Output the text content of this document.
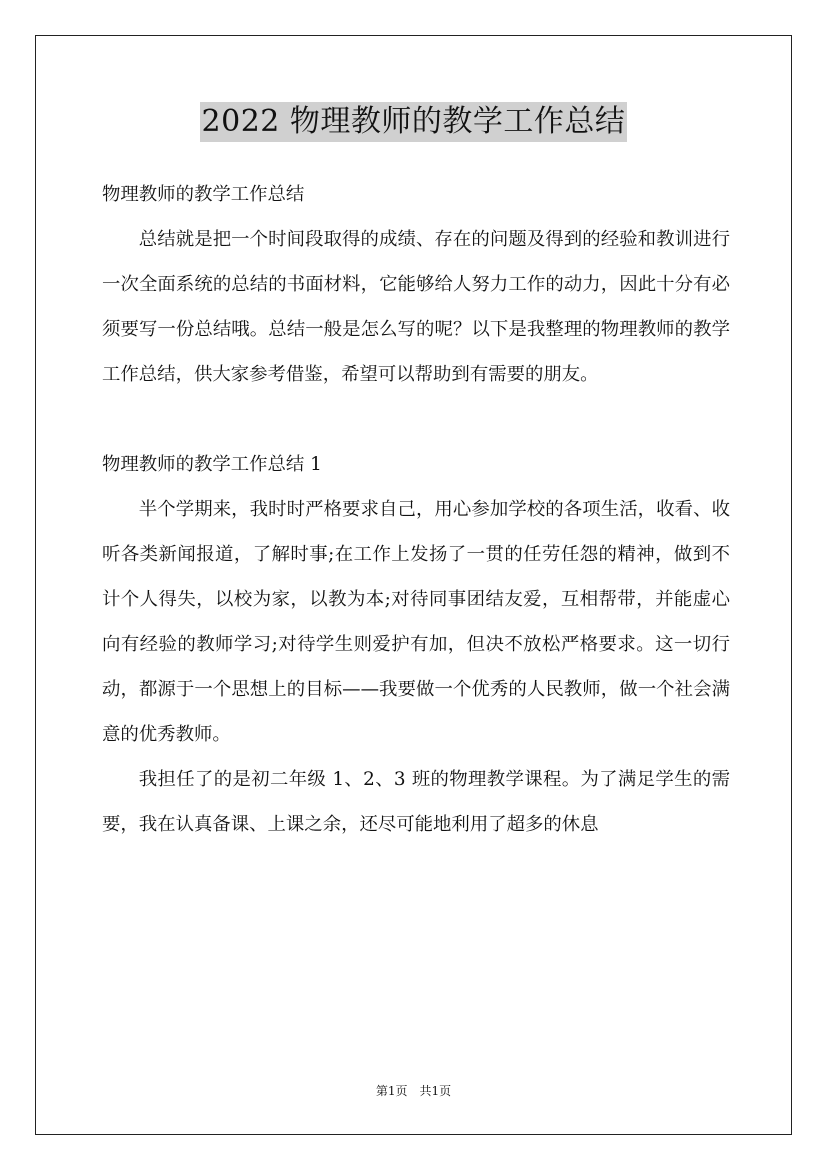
2022 物理教师的教学工作总结

物理教师的教学工作总结

总结就是把一个时间段取得的成绩、存在的问题及得到的经验和教训进行一次全面系统的总结的书面材料，它能够给人努力工作的动力，因此十分有必须要写一份总结哦。总结一般是怎么写的呢？以下是我整理的物理教师的教学工作总结，供大家参考借鉴，希望可以帮助到有需要的朋友。

物理教师的教学工作总结 1

半个学期来，我时时严格要求自己，用心参加学校的各项生活，收看、收听各类新闻报道，了解时事;在工作上发扬了一贯的任劳任怨的精神，做到不计个人得失，以校为家，以教为本;对待同事团结友爱，互相帮带，并能虚心向有经验的教师学习;对待学生则爱护有加，但决不放松严格要求。这一切行动，都源于一个思想上的目标——我要做一个优秀的人民教师，做一个社会满意的优秀教师。

我担任了的是初二年级 1、2、3 班的物理教学课程。为了满足学生的需要，我在认真备课、上课之余，还尽可能地利用了超多的休息

第1页 共1页
